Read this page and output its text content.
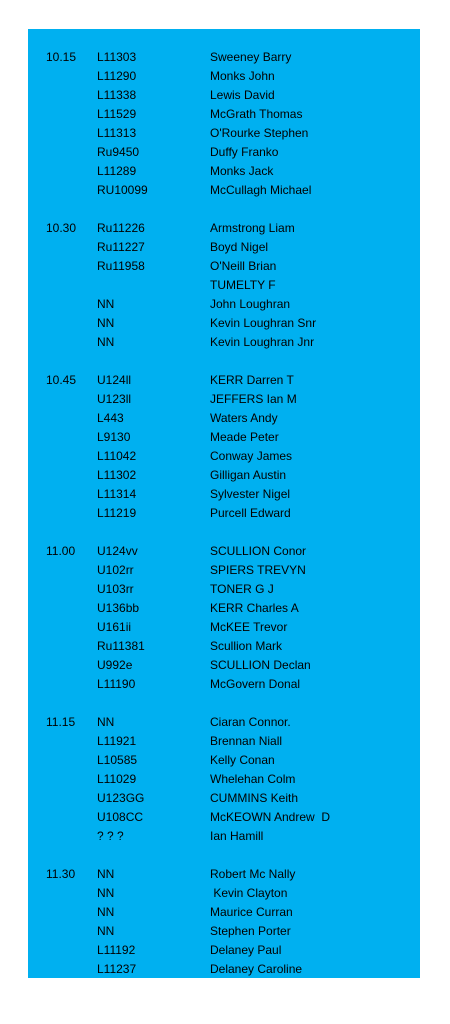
10.15 L11303	Sweeney Barry
L11290	Monks John
L11338	Lewis David
L11529	McGrath Thomas
L11313	O'Rourke Stephen
Ru9450	Duffy Franko
L11289	Monks Jack
RU10099	McCullagh Michael
10.30 Ru11226	Armstrong Liam
Ru11227	Boyd Nigel
Ru11958	O'Neill Brian
TUMELTY F
NN	John Loughran
NN	Kevin Loughran Snr
NN	Kevin Loughran Jnr
10.45 U124ll	KERR Darren T
U123ll	JEFFERS Ian M
L443	Waters Andy
L9130	Meade Peter
L11042	Conway James
L11302	Gilligan Austin
L11314	Sylvester Nigel
L11219	Purcell Edward
11.00 U124vv	SCULLION Conor
U102rr	SPIERS TREVYN
U103rr	TONER G J
U136bb	KERR Charles A
U161ii	McKEE Trevor
Ru11381	Scullion Mark
U992e	SCULLION Declan
L11190	McGovern Donal
11.15 NN	Ciaran Connor.
L11921	Brennan Niall
L10585	Kelly Conan
L11029	Whelehan Colm
U123GG	CUMMINS Keith
U108CC	McKEOWN Andrew  D
? ? ?	Ian Hamill
11.30 NN	Robert Mc Nally
NN	Kevin Clayton
NN	Maurice Curran
NN	Stephen Porter
L11192	Delaney Paul
L11237	Delaney Caroline
